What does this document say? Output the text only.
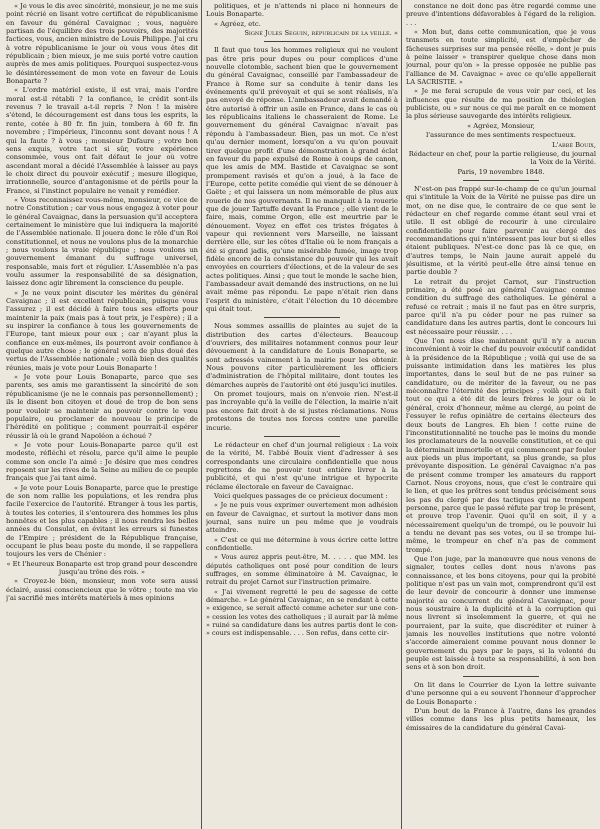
« Je vous le dis avec sincérité, monsieur, je ne me suis point récrié en lisant votre certificat de républicanisme en faveur du général Cavaignac ; vous, naguère partisan de l'équilibre des trois pouvoirs, des majorités factices, vous, ancien ministre de Louis Philippe. J'ai cru à votre républicanisme le jour où vous vous êtes dit républicain ; bien mieux, je me suis porté votre caution auprès de mes amis politiques. Pourquoi suspectez-vous le désintéressement de mon vote en faveur de Louis Bonaparte ?

« L'ordre matériel existe, il est vrai, mais l'ordre moral est-il rétabli ? la confiance, le crédit sont-ils revenus ? le travail a-t-il repris ? Non ! la misère s'étend, le découragement est dans tous les esprits, la rente, cotée à 80 fr. fin juin, tombera à 60 fr. fin novembre ; l'impérieux, l'inconnu sont devant nous ! A qui la faute ? à vous ; monsieur Dufaure ; votre bon sens exquis, votre tact si sûr, votre expérience consommée, vous ont fait défaut le jour où votre ascendant moral a décidé l'Assemblée à laisser au pays le choix direct du pouvoir exécutif ; mesure illogique, irrationnelle, source d'antagonisme et de périls pour la France, si l'instinct populaire ne venait y remédier.

« Vous reconnaissez vous-même, monsieur, ce vice de notre Constitution ; car vous nous engagez à voter pour le général Cavaignac, dans la persuasion qu'il acceptera certainement le ministère que lui indiquera la majorité de l'Assemblée nationale. Il jouera donc le rôle d'un Roi constitutionnel, et nous ne voulons plus de la monarchie ; nous voulons la vraie république ; nous voulons un gouvernement émanant du suffrage universel, responsable, mais fort et régulier. L'Assemblée n'a pas voulu assumer la responsabilité de sa désignation, laissez donc agir librement la conscience du peuple.

« Je ne veux point discuter les mérites du général Cavaignac ; il est excellent républicain, puisque vous l'assurez ; il est décidé à faire tous ses efforts pour maintenir la paix (mais pas à tout prix, je l'espère) ; il a su inspirer la confiance à tous les gouvernements de l'Europe, tant mieux pour eux ; car n'ayant plus la confiance en eux-mêmes, ils pourront avoir confiance à quelque autre chose ; le général sera de plus doué des vertus de l'Assemblée nationale ; voilà bien des qualités réunies, mais je vote pour Louis Bonaparte !

« Je vote pour Louis Bonaparte, parce que ses parents, ses amis me garantissent la sincérité de son républicanisme (je ne le connais pas personnellement) ; ils le disent bon citoyen et doué de trop de bon sens pour vouloir se maintenir au pouvoir contre le vœu populaire, ou proclamer de nouveau le principe de l'hérédité en politique ; comment pourrait-il espérer réussir là où le grand Napoléon a échoué ?

« Je vote pour Louis-Bonaparte parce qu'il est modeste, réfléchi et résolu, parce qu'il aime le peuple comme son oncle l'a aimé : Je désire que mes cendres reposent sur les rives de la Seine au milieu de ce peuple français que j'ai tant aimé.

« Je vote pour Louis Bonaparte, parce que le prestige de son nom rallie les populations, et les rendra plus facile l'exercice de l'autorité. Etranger à tous les partis, à toutes les coteries, il s'entourera des hommes les plus honnêtes et les plus capables ; il nous rendra les belles années du Consulat, en évitant les erreurs si funestes de l'Empire ; président de la République française, occupant le plus beau poste du monde, il se rappellera toujours les vers de Chénier :

« Et l'heureux Bonaparte est trop grand pour descendre jusqu'au trône des rois. »

« Croyez-le bien, monsieur, mon vote sera aussi éclairé, aussi consciencieux que le vôtre ; toute ma vie j'ai sacrifié mes intérêts matériels à mes opinions

politiques, et je n'attends ni place ni honneurs de Louis Bonaparte.

« Agréez, etc.

Signé Jules Seguin, républicain de la veille. »

Il faut que tous les hommes religieux qui ne veulent pas être pris pour dupes ou pour complices d'une nouvelle clotomble, sachent bien que le gouvernement du général Cavaignac, conseillé par l'ambassadeur de France à Rome sur sa conduite à tenir dans les événements qu'il prévoyait et qui se sont réalisés, n'a pas envoyé de réponse. L'ambassadeur avait demandé à être autorisé à offrir un asile en France, dans le cas où les républicains italiens le chasseraient de Rome. Le gouvernement du général Cavaignac n'avait pas répondu à l'ambassadeur. Bien, pas un mot. Ce n'est qu'au dernier moment, lorsqu'on a vu qu'on pouvait tirer quelque profit d'une démonstration à grand éclat en faveur du pape expulsé de Rome à coups de canon, que les amis de MM. Bastide et Cavaignac se sont prompement ravisés et qu'on a joué, à la face de l'Europe, cette petite comédie qui vient de se dénouer à Gaëte ; et qui laissera un nom mémorable de plus aux rouerie de nos gouvernants. Il ne manquait à la rouerie que de jouer Tartuffe devant la France ; elle vient de le faire, mais, comme Orgon, elle est meurtrie par le dénouement. Voyez en effet ces tristes frégates à vapeur qui reviennent vers Marseille, ne laissant derrière elle, sur les côtes d'Italie où le nom français a été si grand jadis, qu'une misérable fumée, image trop fidèle encore de la consistance du pouvoir qui les avait envoyées en courriers d'élections, et de la valeur de ses actes politiques. Ainsi ; que tout le monde le sache bien, l'ambassadeur avait demandé des instructions, on ne lui avait même pas répondu. Le pape n'était rien dans l'esprit du ministère, c'était l'élection du 10 décembre qui était tout.

Nous sommes assaillis de plaintes au sujet de la distribution des cartes d'électeurs. Beaucoup d'ouvriers, des militaires notamment connus pour leur dévouement à la candidature de Louis Bonaparte, se sont adressés vainement à la mairie pour les obtenir. Nous pouvons citer particulièrement les officiers d'administration de l'hôpital militaire, dont toutes les démarches auprès de l'autorité ont été jusqu'ici inutiles.

On promet toujours, mais on n'envoie rien. N'est-il pas incroyable qu'à la veille de l'élection, la mairie n'ait pas encore fait droit à de si justes réclamations. Nous protestons de toutes nos forces contre une pareille incurie.

Le rédacteur en chef d'un journal religieux : La voix de la vérité, M. l'abbé Bouix vient d'adresser à ses correspondants une circulaire confidentielle que nous regrettons de ne pouvoir tout entière livrer à la publicité, et qui n'est qu'une intrigue et hypocrite réclame électorale en faveur de Cavaignac.

Voici quelques passages de ce précieux document :

« Je ne puis vous exprimer ouvertement mon adhésion en faveur de Cavaignac, et surtout la motiver dans mon journal, sans nuire un peu même que je voudrais atteindre.

« C'est ce qui me détermine à vous écrire cette lettre confidentielle.

« Vous aurez appris peut-être, M. . . . . que MM. les députés catholiques ont posé pour condition de leurs suffrages, en somme éliminatoire à M. Cavaignac, le retrait du projet Carnot sur l'instruction primaire.

« J'ai vivement regretté le peu de sagesse de cette démarche. » Le général Cavaignac, en se rendant à cette » exigence, se serait affecté comme acheter sur une con- » cession les votes des catholiques ; il aurait par là même » ruiné sa candidature dans les autres partis dont le con- » cours est indispensable. . . . Son refus, dans cette cir-

constance ne doit donc pas être regardé comme une preuve d'intentions défavorables à l'égard de la religion. . . .

« Mon but, dans cette communication, que je vous transmets en toute simplicité, est d'empêcher de fâcheuses surprises sur ma pensée réelle, » dont je puis à peine laisser » transpirer quelque chose dans mon journal, pour qu'on » la presse opposée ne publie pas l'alliance de M. Cavaignac » avec ce qu'elle appellerait LA SACRISTIE. »

« Je me ferai scrupule de vous voir par ceci, et les influences que résulte de ma position de théologien publiciste, ou » sur nous ce qui me paraît en ce moment la plus sérieuse sauvegarde des intérêts religieux.

« Agréez, Monsieur,

l'assurance de mes sentiments respectueux.

L'abbé Bouix,

Rédacteur en chef, pour la partie religieuse, du journal la Voix de la Vérité.

Paris, 19 novembre 1848.

N'est-on pas frappé sur-le-champ de ce qu'un journal qui s'intitule la Voix de la Vérité ne puisse pas dire un mot, on ne dise que, le contraire de ce que sent le rédacteur en chef regarde comme étant seul vrai et utile. Il est obligé de recourir à une circulaire confidentielle pour faire parvenir au clergé des recommandations qui n'intéressent pas leur but si elles étaient publiques. N'est-ce donc pas là ce que, en d'autres temps, le Nain jaune aurait appelé du jésuitisme, et la vérité peut-elle être ainsi tenue en partie double ?

Le retrait du projet Carnot, sur l'instruction primaire, a été posé au général Cavaignac comme condition du suffrage des catholiques. Le général a refusé ce retrait ; mais il ne faut pas en être surpris, parce qu'il n'a pu céder pour ne pas ruiner sa candidature dans les autres partis, dont le concours lui est nécessaire pour réussir. . . .

Que l'on nous dise maintenant qu'il n'y a aucun inconvénient à voir le chef du pouvoir exécutif candidat à la présidence de la République ; voilà qui use de sa puissante intimidation dans les matières les plus importantes, dans le seul but de ne pas ruiner sa candidature, ou de mériter de la faveur, ou ne pas méconnaître l'éternité des principes ; voilà qui a fait tout ce qui a été dit de leurs frères le jour où le général, croix d'honneur, même au clergé, au point de l'essuyer le refus opiniâtre de certains électeurs des deux bouts de Langres. Eh bien ! cette ruine de l'inconstitutionnalité ne touche pas le moins du monde les proclamateurs de la nouvelle constitution, et ce qui la déterminait immortelle et qui commencent par fouler aux pieds un plus important, sa plus grande, sa plus prévoyante disposition. Le général Cavaignac n'a pas de présent comme tromper les amateurs du rapport Carnot. Nous croyons, nous, que c'est le contraire qui le lien, et que les prêtres sont tendus précisément sous les pas du clergé par des tactiques qui ne trompent personne, parce que le passé réfute par trop le présent, et prouve trop l'avenir. Quoi qu'il en soit, il y a nécessairement quelqu'un de trompé, ou le pouvoir lui a tendu ne devant pas ses votes, ou il se trompe lui-même, le trompeur en chef n'a pas de comment trompé.

Que l'on juge, par la manœuvre que nous venons de signaler, toutes celles dont nous n'avons pas connaissance, et les bons citoyens, pour qui la probité politique n'est pas un vain mot, comprendront qu'il est de leur devoir de concourir à donner une immense majorité au concurrent du général Cavaignac, pour nous soustraire à la duplicité et à la corruption qui nous livrent si insolemment la guerre, et qui ne pourraient, par la suite, que discréditer et ruiner à jamais les nouvelles institutions que notre volonté s'accorde aimeraient comme pouvant nous donner le gouvernement du pays par le pays, si la volonté du peuple est laissée à toute sa responsabilité, à son bon sens et à son bon droit.

On lit dans le Courrier de Lyon la lettre suivante d'une personne qui a eu souvent l'honneur d'approcher de Louis Bonaparte :

D'un bout de la France à l'autre, dans les grandes villes comme dans les plus petits hameaux, les émissaires de la candidature du général Cavai-
